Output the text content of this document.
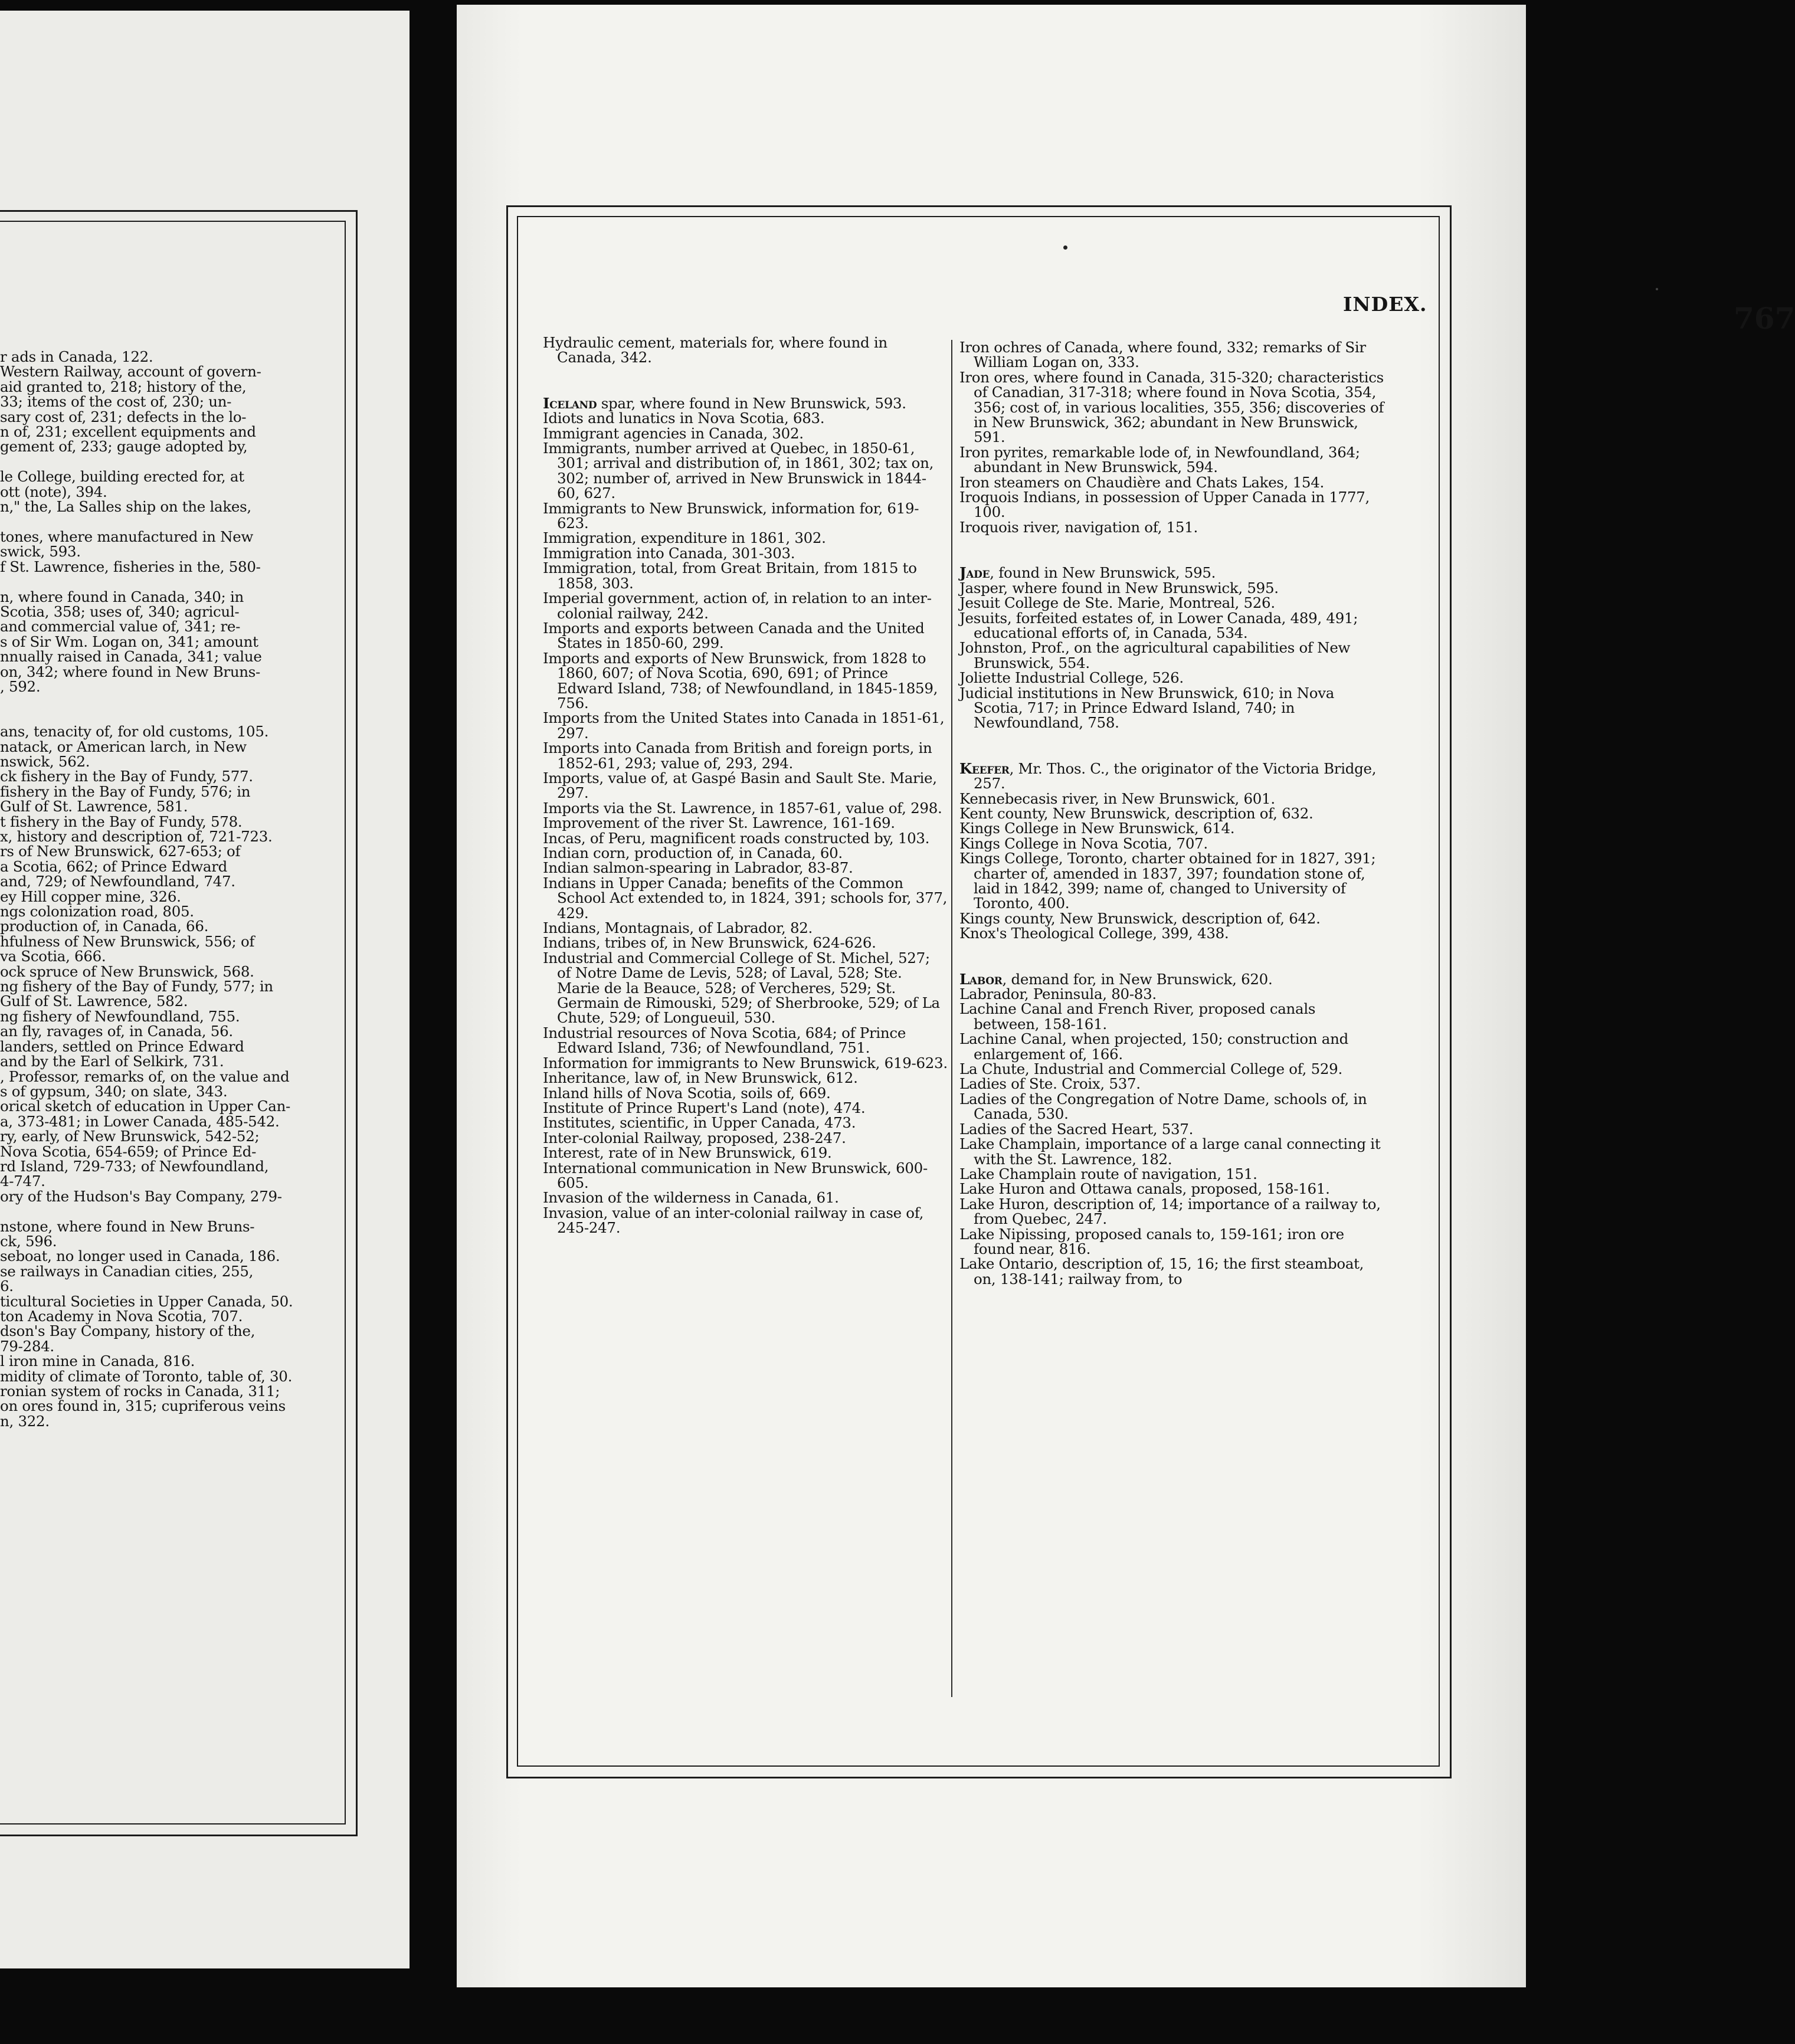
r ads in Canada, 122.
Western Railway, account of govern-
aid granted to, 218; history of the,
33; items of the cost of, 230; un-
sary cost of, 231; defects in the lo-
n of, 231; excellent equipments and
gement of, 233; gauge adopted by,

le College, building erected for, at
ott (note), 394.
n," the, La Salles ship on the lakes,

tones, where manufactured in New
swick, 593.
f St. Lawrence, fisheries in the, 580-

n, where found in Canada, 340; in
Scotia, 358; uses of, 340; agricul-
and commercial value of, 341; re-
s of Sir Wm. Logan on, 341; amount
nnually raised in Canada, 341; value
on, 342; where found in New Bruns-
, 592.

ans, tenacity of, for old customs, 105.
natack, or American larch, in New
nswick, 562.
ck fishery in the Bay of Fundy, 577.
fishery in the Bay of Fundy, 576; in
Gulf of St. Lawrence, 581.
t fishery in the Bay of Fundy, 578.
x, history and description of, 721-723.
rs of New Brunswick, 627-653; of
a Scotia, 662; of Prince Edward
and, 729; of Newfoundland, 747.
ey Hill copper mine, 326.
ngs colonization road, 805.
production of, in Canada, 66.
hfulness of New Brunswick, 556; of
va Scotia, 666.
ock spruce of New Brunswick, 568.
ng fishery of the Bay of Fundy, 577; in
Gulf of St. Lawrence, 582.
ng fishery of Newfoundland, 755.
an fly, ravages of, in Canada, 56.
landers, settled on Prince Edward
and by the Earl of Selkirk, 731.
, Professor, remarks of, on the value and
s of gypsum, 340; on slate, 343.
orical sketch of education in Upper Can-
a, 373-481; in Lower Canada, 485-542.
ry, early, of New Brunswick, 542-52;
Nova Scotia, 654-659; of Prince Ed-
rd Island, 729-733; of Newfoundland,
4-747.
ory of the Hudson's Bay Company, 279-

nstone, where found in New Bruns-
ck, 596.
seboat, no longer used in Canada, 186.
se railways in Canadian cities, 255,
6.
ticultural Societies in Upper Canada, 50.
ton Academy in Nova Scotia, 707.
dson's Bay Company, history of the,
79-284.
l iron mine in Canada, 816.
midity of climate of Toronto, table of, 30.
ronian system of rocks in Canada, 311;
on ores found in, 315; cupriferous veins
n, 322.
INDEX.	767

Hydraulic cement, materials for, where found in Canada, 342.

Iceland spar, where found in New Brunswick, 593.

Idiots and lunatics in Nova Scotia, 683.

Immigrant agencies in Canada, 302.

Immigrants, number arrived at Quebec, in 1850-61, 301; arrival and distribution of, in 1861, 302; tax on, 302; number of, arrived in New Brunswick in 1844-60, 627.

Immigrants to New Brunswick, information for, 619-623.

Immigration, expenditure in 1861, 302.

Immigration into Canada, 301-303.

Immigration, total, from Great Britain, from 1815 to 1858, 303.

Imperial government, action of, in relation to an inter-colonial railway, 242.

Imports and exports between Canada and the United States in 1850-60, 299.

Imports and exports of New Brunswick, from 1828 to 1860, 607; of Nova Scotia, 690, 691; of Prince Edward Island, 738; of Newfoundland, in 1845-1859, 756.

Imports from the United States into Canada in 1851-61, 297.

Imports into Canada from British and foreign ports, in 1852-61, 293; value of, 293, 294.

Imports, value of, at Gaspé Basin and Sault Ste. Marie, 297.

Imports via the St. Lawrence, in 1857-61, value of, 298.

Improvement of the river St. Lawrence, 161-169.

Incas, of Peru, magnificent roads constructed by, 103.

Indian corn, production of, in Canada, 60.

Indian salmon-spearing in Labrador, 83-87.

Indians in Upper Canada; benefits of the Common School Act extended to, in 1824, 391; schools for, 377, 429.

Indians, Montagnais, of Labrador, 82.

Indians, tribes of, in New Brunswick, 624-626.

Industrial and Commercial College of St. Michel, 527; of Notre Dame de Levis, 528; of Laval, 528; Ste. Marie de la Beauce, 528; of Vercheres, 529; St. Germain de Rimouski, 529; of Sherbrooke, 529; of La Chute, 529; of Longueuil, 530.

Industrial resources of Nova Scotia, 684; of Prince Edward Island, 736; of Newfoundland, 751.

Information for immigrants to New Brunswick, 619-623.

Inheritance, law of, in New Brunswick, 612.

Inland hills of Nova Scotia, soils of, 669.

Institute of Prince Rupert's Land (note), 474.

Institutes, scientific, in Upper Canada, 473.

Inter-colonial Railway, proposed, 238-247.

Interest, rate of in New Brunswick, 619.

International communication in New Brunswick, 600-605.

Invasion of the wilderness in Canada, 61.

Invasion, value of an inter-colonial railway in case of, 245-247.

Iron ochres of Canada, where found, 332; remarks of Sir William Logan on, 333.

Iron ores, where found in Canada, 315-320; characteristics of Canadian, 317-318; where found in Nova Scotia, 354, 356; cost of, in various localities, 355, 356; discoveries of in New Brunswick, 362; abundant in New Brunswick, 591.

Iron pyrites, remarkable lode of, in Newfoundland, 364; abundant in New Brunswick, 594.

Iron steamers on Chaudière and Chats Lakes, 154.

Iroquois Indians, in possession of Upper Canada in 1777, 100.

Iroquois river, navigation of, 151.

Jade, found in New Brunswick, 595.

Jasper, where found in New Brunswick, 595.

Jesuit College de Ste. Marie, Montreal, 526.

Jesuits, forfeited estates of, in Lower Canada, 489, 491; educational efforts of, in Canada, 534.

Johnston, Prof., on the agricultural capabilities of New Brunswick, 554.

Joliette Industrial College, 526.

Judicial institutions in New Brunswick, 610; in Nova Scotia, 717; in Prince Edward Island, 740; in Newfoundland, 758.

Keefer, Mr. Thos. C., the originator of the Victoria Bridge, 257.

Kennebecasis river, in New Brunswick, 601.

Kent county, New Brunswick, description of, 632.

Kings College in New Brunswick, 614.

Kings College in Nova Scotia, 707.

Kings College, Toronto, charter obtained for in 1827, 391; charter of, amended in 1837, 397; foundation stone of, laid in 1842, 399; name of, changed to University of Toronto, 400.

Kings county, New Brunswick, description of, 642.

Knox's Theological College, 399, 438.

Labor, demand for, in New Brunswick, 620.

Labrador, Peninsula, 80-83.

Lachine Canal and French River, proposed canals between, 158-161.

Lachine Canal, when projected, 150; construction and enlargement of, 166.

La Chute, Industrial and Commercial College of, 529.

Ladies of Ste. Croix, 537.

Ladies of the Congregation of Notre Dame, schools of, in Canada, 530.

Ladies of the Sacred Heart, 537.

Lake Champlain, importance of a large canal connecting it with the St. Lawrence, 182.

Lake Champlain route of navigation, 151.

Lake Huron and Ottawa canals, proposed, 158-161.

Lake Huron, description of, 14; importance of a railway to, from Quebec, 247.

Lake Nipissing, proposed canals to, 159-161; iron ore found near, 816.

Lake Ontario, description of, 15, 16; the first steamboat, on, 138-141; railway from, to
